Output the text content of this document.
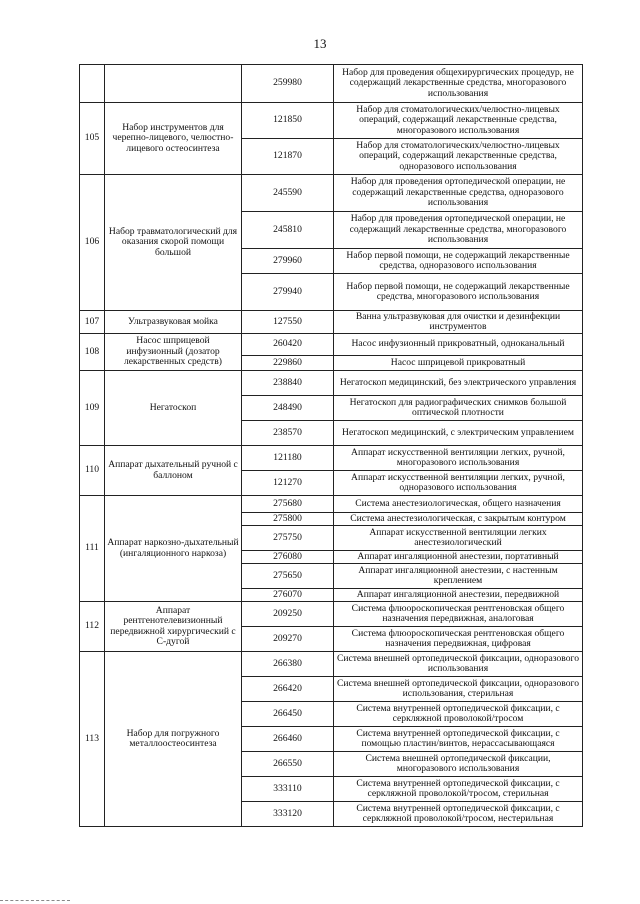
13
		259980	Набор для проведения общехирургических процедур, не содержащий лекарственные средства, многоразового использования
105	Набор инструментов для черепно-лицевого, челюстно-лицевого остеосинтеза	121850	Набор для стоматологических/челюстно-лицевых операций, содержащий лекарственные средства, многоразового использования
		121870	Набор для стоматологических/челюстно-лицевых операций, содержащий лекарственные средства, одноразового использования
106	Набор травматологический для оказания скорой помощи большой	245590	Набор для проведения ортопедической операции, не содержащий лекарственные средства, одноразового использования
		245810	Набор для проведения ортопедической операции, не содержащий лекарственные средства, многоразового использования
		279960	Набор первой помощи, не содержащий лекарственные средства, одноразового использования
		279940	Набор первой помощи, не содержащий лекарственные средства, многоразового использования
107	Ультразвуковая мойка	127550	Ванна ультразвуковая для очистки и дезинфекции инструментов
108	Насос шприцевой инфузионный (дозатор лекарственных средств)	260420	Насос инфузионный прикроватный, одноканальный
		229860	Насос шприцевой прикроватный
109	Негатоскоп	238840	Негатоскоп медицинский, без электрического управления
		248490	Негатоскоп для радиографических снимков большой оптической плотности
		238570	Негатоскоп медицинский, с электрическим управлением
110	Аппарат дыхательный ручной с баллоном	121180	Аппарат искусственной вентиляции легких, ручной, многоразового использования
		121270	Аппарат искусственной вентиляции легких, ручной, одноразового использования
111	Аппарат наркозно-дыхательный (ингаляционного наркоза)	275680	Система анестезиологическая, общего назначения
		275800	Система анестезиологическая, с закрытым контуром
		275750	Аппарат искусственной вентиляции легких анестезиологический
		276080	Аппарат ингаляционной анестезии, портативный
		275650	Аппарат ингаляционной анестезии, с настенным креплением
		276070	Аппарат ингаляционной анестезии, передвижной
112	Аппарат рентгенотелевизионный передвижной хирургический с С-дугой	209250	Система флюороскопическая рентгеновская общего назначения передвижная, аналоговая
		209270	Система флюороскопическая рентгеновская общего назначения передвижная, цифровая
113	Набор для погружного металлоостеосинтеза	266380	Система внешней ортопедической фиксации, одноразового использования
		266420	Система внешней ортопедической фиксации, одноразового использования, стерильная
		266450	Система внутренней ортопедической фиксации, с серкляжной проволокой/тросом
		266460	Система внутренней ортопедической фиксации, с помощью пластин/винтов, нерассасывающаяся
		266550	Система внешней ортопедической фиксации, многоразового использования
		333110	Система внутренней ортопедической фиксации, с серкляжной проволокой/тросом, стерильная
		333120	Система внутренней ортопедической фиксации, с серкляжной проволокой/тросом, нестерильная
